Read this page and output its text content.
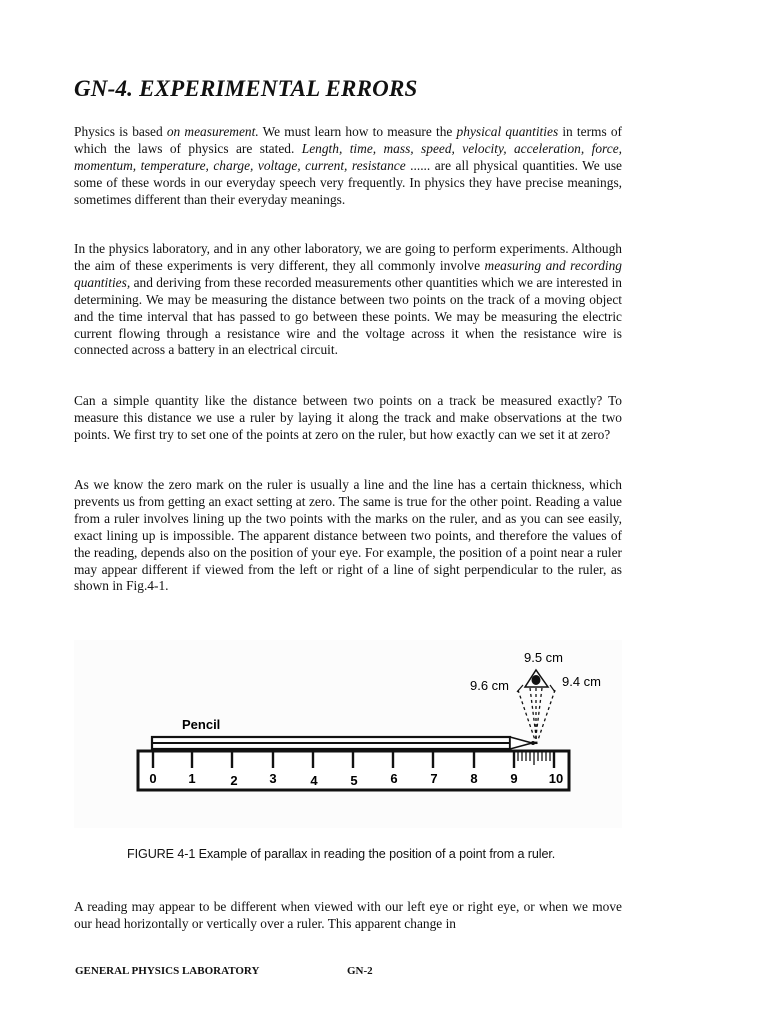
GN-4. EXPERIMENTAL ERRORS

Physics is based on measurement. We must learn how to measure the physical quantities in terms of which the laws of physics are stated. Length, time, mass, speed, velocity, acceleration, force, momentum, temperature, charge, voltage, current, resistance ...... are all physical quantities. We use some of these words in our everyday speech very frequently. In physics they have precise meanings, sometimes different than their everyday meanings.

In the physics laboratory, and in any other laboratory, we are going to perform experiments. Although the aim of these experiments is very different, they all commonly involve measuring and recording quantities, and deriving from these recorded measurements other quantities which we are interested in determining. We may be measuring the distance between two points on the track of a moving object and the time interval that has passed to go between these points. We may be measuring the electric current flowing through a resistance wire and the voltage across it when the resistance wire is connected across a battery in an electrical circuit.

Can a simple quantity like the distance between two points on a track be measured exactly? To measure this distance we use a ruler by laying it along the track and make observations at the two points. We first try to set one of the points at zero on the ruler, but how exactly can we set it at zero?

As we know the zero mark on the ruler is usually a line and the line has a certain thickness, which prevents us from getting an exact setting at zero. The same is true for the other point. Reading a value from a ruler involves lining up the two points with the marks on the ruler, and as you can see easily, exact lining up is impossible. The apparent distance between two points, and therefore the values of the reading, depends also on the position of your eye. For example, the position of a point near a ruler may appear different if viewed from the left or right of a line of sight perpendicular to the ruler, as shown in Fig.4-1.

9.5 cm
9.6 cm	9.4 cm
Pencil
0 1	2 3	4	5	6	7	8	9 10
FIGURE 4-1 Example of parallax in reading the position of a point from a ruler.

A reading may appear to be different when viewed with our left eye or right eye, or when we move our head horizontally or vertically over a ruler. This apparent change in

GENERAL PHYSICS LABORATORY	GN-2
